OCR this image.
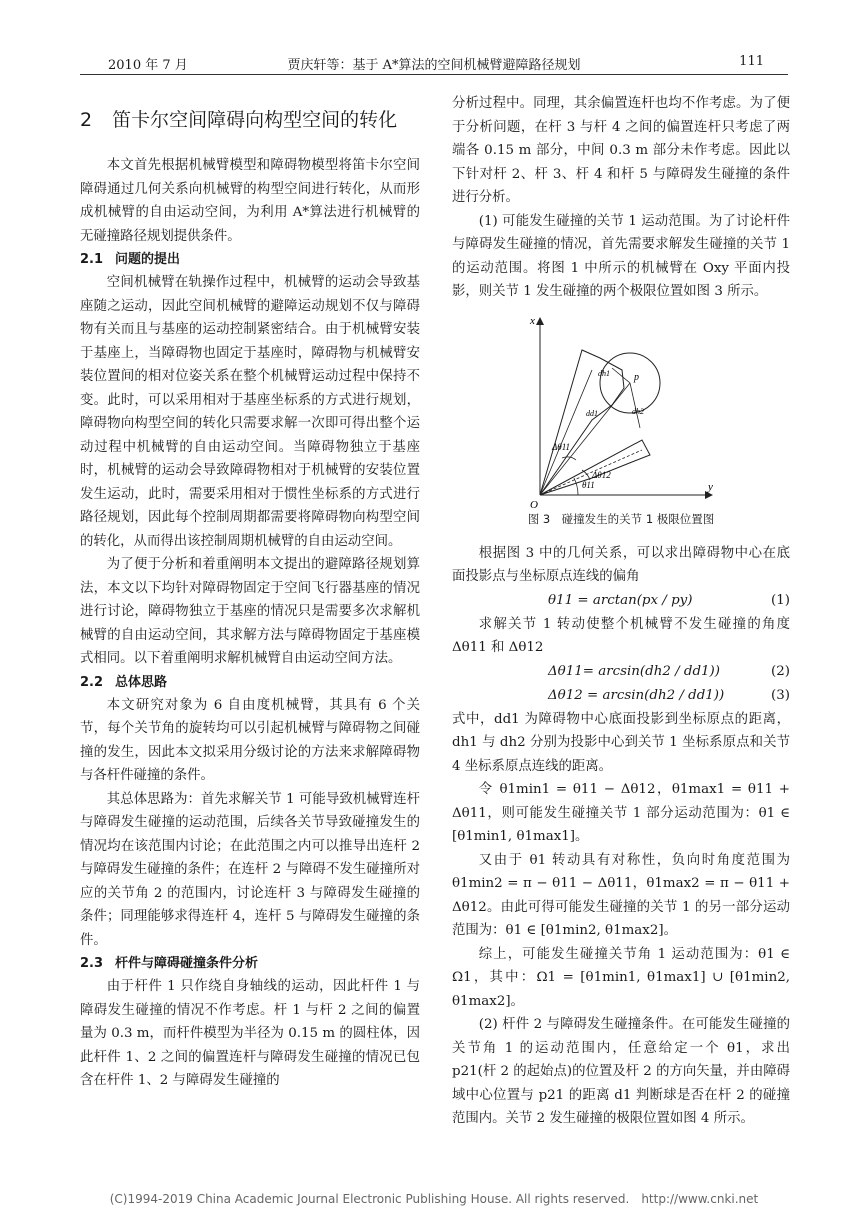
2010 年 7 月	贾庆轩等：基于 A*算法的空间机械臂避障路径规划	111
2 笛卡尔空间障碍向构型空间的转化

本文首先根据机械臂模型和障碍物模型将笛卡尔空间障碍通过几何关系向机械臂的构型空间进行转化，从而形成机械臂的自由运动空间，为利用 A*算法进行机械臂的无碰撞路径规划提供条件。

2.1 问题的提出

空间机械臂在轨操作过程中，机械臂的运动会导致基座随之运动，因此空间机械臂的避障运动规划不仅与障碍物有关而且与基座的运动控制紧密结合。由于机械臂安装于基座上，当障碍物也固定于基座时，障碍物与机械臂安装位置间的相对位姿关系在整个机械臂运动过程中保持不变。此时，可以采用相对于基座坐标系的方式进行规划，障碍物向构型空间的转化只需要求解一次即可得出整个运动过程中机械臂的自由运动空间。当障碍物独立于基座时，机械臂的运动会导致障碍物相对于机械臂的安装位置发生运动，此时，需要采用相对于惯性坐标系的方式进行路径规划，因此每个控制周期都需要将障碍物向构型空间的转化，从而得出该控制周期机械臂的自由运动空间。

为了便于分析和着重阐明本文提出的避障路径规划算法，本文以下均针对障碍物固定于空间飞行器基座的情况进行讨论，障碍物独立于基座的情况只是需要多次求解机械臂的自由运动空间，其求解方法与障碍物固定于基座模式相同。以下着重阐明求解机械臂自由运动空间方法。

2.2 总体思路

本文研究对象为 6 自由度机械臂，其具有 6 个关节，每个关节角的旋转均可以引起机械臂与障碍物之间碰撞的发生，因此本文拟采用分级讨论的方法来求解障碍物与各杆件碰撞的条件。

其总体思路为：首先求解关节 1 可能导致机械臂连杆与障碍发生碰撞的运动范围，后续各关节导致碰撞发生的情况均在该范围内讨论；在此范围之内可以推导出连杆 2 与障碍发生碰撞的条件；在连杆 2 与障碍不发生碰撞所对应的关节角 2 的范围内，讨论连杆 3 与障碍发生碰撞的条件；同理能够求得连杆 4，连杆 5 与障碍发生碰撞的条件。

2.3 杆件与障碍碰撞条件分析

由于杆件 1 只作绕自身轴线的运动，因此杆件 1 与障碍发生碰撞的情况不作考虑。杆 1 与杆 2 之间的偏置量为 0.3 m，而杆件模型为半径为 0.15 m 的圆柱体，因此杆件 1、2 之间的偏置连杆与障碍发生碰撞的情况已包含在杆件 1、2 与障碍发生碰撞的

分析过程中。同理，其余偏置连杆也均不作考虑。为了便于分析问题，在杆 3 与杆 4 之间的偏置连杆只考虑了两端各 0.15 m 部分，中间 0.3 m 部分未作考虑。因此以下针对杆 2、杆 3、杆 4 和杆 5 与障碍发生碰撞的条件进行分析。

(1) 可能发生碰撞的关节 1 运动范围。为了讨论杆件与障碍发生碰撞的情况，首先需要求解发生碰撞的关节 1 的运动范围。将图 1 中所示的机械臂在 Oxy 平面内投影，则关节 1 发生碰撞的两个极限位置如图 3 所示。

x
y
O
p
dh1
dh2
dd1
Δθ11
Δθ12
θ11
图 3　碰撞发生的关节 1 极限位置图

根据图 3 中的几何关系，可以求出障碍物中心在底面投影点与坐标原点连线的偏角

θ11 = arctan(px / py)	(1)

求解关节 1 转动使整个机械臂不发生碰撞的角度 Δθ11 和 Δθ12

Δθ11= arcsin(dh2 / dd1))	(2)
Δθ12 = arcsin(dh2 / dd1))	(3)

式中，dd1 为障碍物中心底面投影到坐标原点的距离，dh1 与 dh2 分别为投影中心到关节 1 坐标系原点和关节 4 坐标系原点连线的距离。

令 θ1min1 = θ11 − Δθ12，θ1max1 = θ11 + Δθ11，则可能发生碰撞关节 1 部分运动范围为：θ1 ∈ [θ1min1, θ1max1]。

又由于 θ1 转动具有对称性，负向时角度范围为 θ1min2 = π − θ11 − Δθ11，θ1max2 = π − θ11 + Δθ12。由此可得可能发生碰撞的关节 1 的另一部分运动范围为：θ1 ∈ [θ1min2, θ1max2]。

综上，可能发生碰撞关节角 1 运动范围为：θ1 ∈ Ω1，其中：Ω1 = [θ1min1, θ1max1] ∪ [θ1min2, θ1max2]。

(2) 杆件 2 与障碍发生碰撞条件。在可能发生碰撞的关节角 1 的运动范围内，任意给定一个 θ1，求出 p21(杆 2 的起始点)的位置及杆 2 的方向矢量，并由障碍域中心位置与 p21 的距离 d1 判断球是否在杆 2 的碰撞范围内。关节 2 发生碰撞的极限位置如图 4 所示。

(C)1994-2019 China Academic Journal Electronic Publishing House. All rights reserved.　http://www.cnki.net
